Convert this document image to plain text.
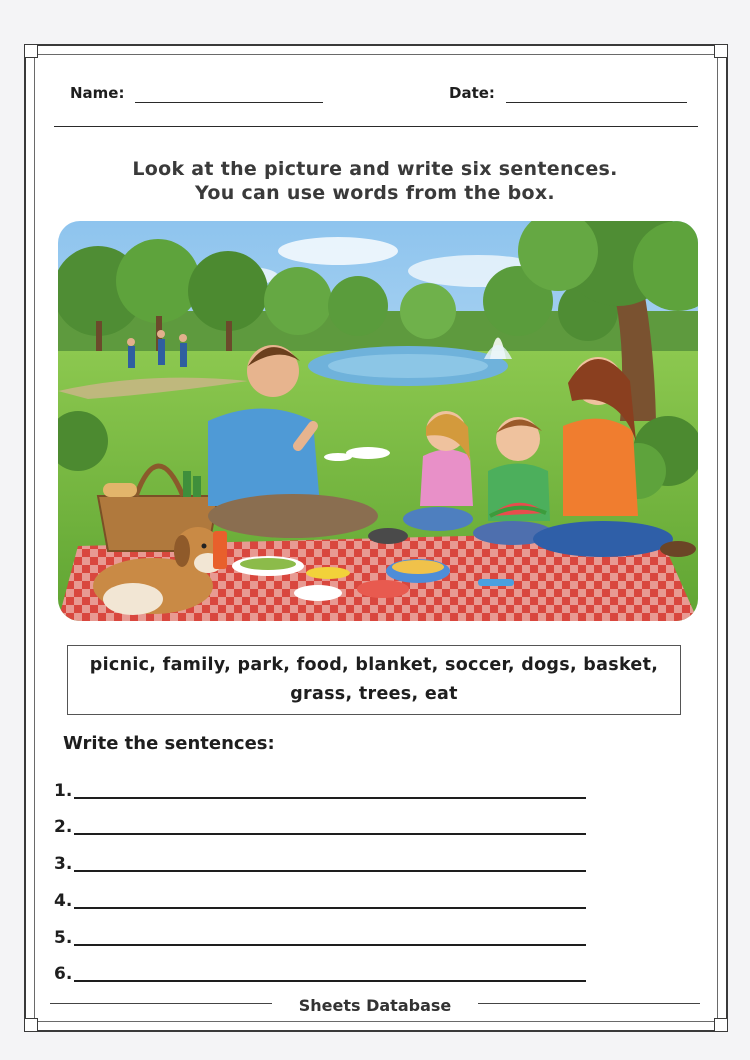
Name:	Date:
Look at the picture and write six sentences.
You can use words from the box.
picnic, family, park, food, blanket, soccer, dogs, basket,
grass, trees, eat
Write the sentences:
1.
2.
3.
4.
5.
6.
Sheets Database
